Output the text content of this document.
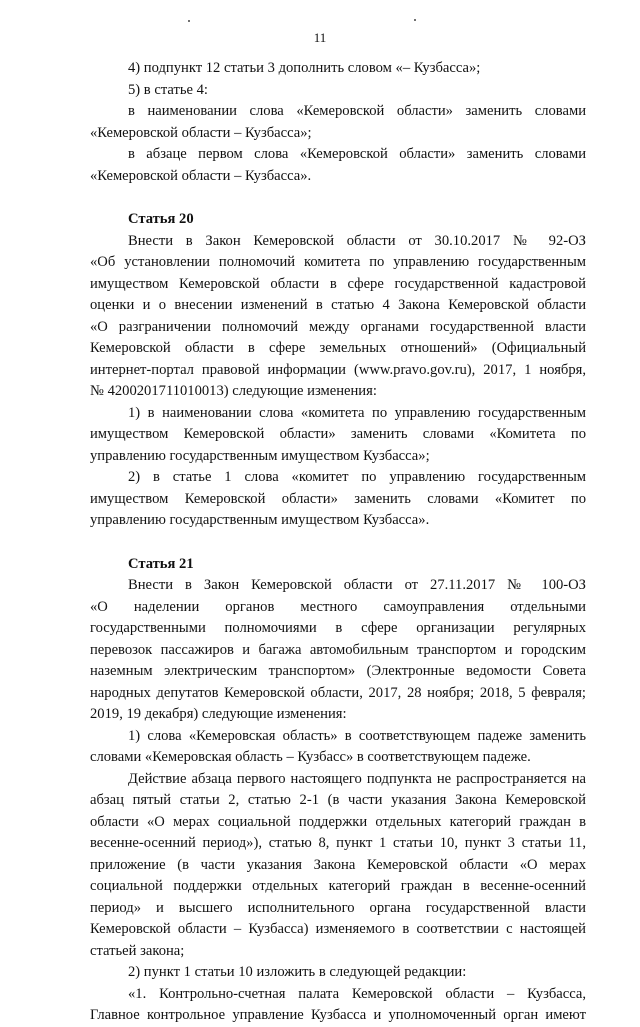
11
4) подпункт 12 статьи 3 дополнить словом «– Кузбасса»;
5) в статье 4:
в наименовании слова «Кемеровской области» заменить словами
«Кемеровской области – Кузбасса»;
в абзаце первом слова «Кемеровской области» заменить словами
«Кемеровской области – Кузбасса».
Статья 20
Внести в Закон Кемеровской области от 30.10.2017 № 92-ОЗ
«Об установлении полномочий комитета по управлению государственным
имуществом Кемеровской области в сфере государственной кадастровой
оценки и о внесении изменений в статью 4 Закона Кемеровской области
«О разграничении полномочий между органами государственной власти
Кемеровской области в сфере земельных отношений» (Официальный
интернет-портал правовой информации (www.pravo.gov.ru), 2017, 1 ноября,
№ 4200201711010013) следующие изменения:
1) в наименовании слова «комитета по управлению государственным
имуществом Кемеровской области» заменить словами «Комитета по
управлению государственным имуществом Кузбасса»;
2) в статье 1 слова «комитет по управлению государственным
имуществом Кемеровской области» заменить словами «Комитет по
управлению государственным имуществом Кузбасса».
Статья 21
Внести в Закон Кемеровской области от 27.11.2017 № 100-ОЗ
«О наделении органов местного самоуправления отдельными
государственными полномочиями в сфере организации регулярных
перевозок пассажиров и багажа автомобильным транспортом и городским
наземным электрическим транспортом» (Электронные ведомости Совета
народных депутатов Кемеровской области, 2017, 28 ноября; 2018, 5 февраля;
2019, 19 декабря) следующие изменения:
1) слова «Кемеровская область» в соответствующем падеже заменить
словами «Кемеровская область – Кузбасс» в соответствующем падеже.
Действие абзаца первого настоящего подпункта не распространяется на
абзац пятый статьи 2, статью 2-1 (в части указания Закона Кемеровской
области «О мерах социальной поддержки отдельных категорий граждан в
весенне-осенний период»), статью 8, пункт 1 статьи 10, пункт 3 статьи 11,
приложение (в части указания Закона Кемеровской области «О мерах
социальной поддержки отдельных категорий граждан в весенне-осенний
период» и высшего исполнительного органа государственной власти
Кемеровской области – Кузбасса) изменяемого в соответствии с настоящей
статьей закона;
2) пункт 1 статьи 10 изложить в следующей редакции:
«1. Контрольно-счетная палата Кемеровской области – Кузбасса,
Главное контрольное управление Кузбасса и уполномоченный орган имеют
